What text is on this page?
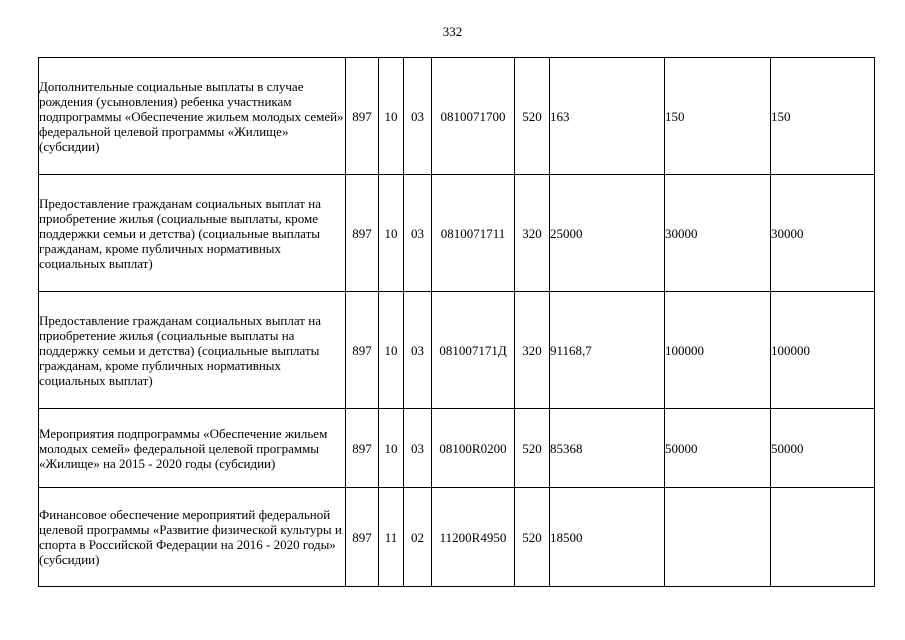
332
Дополнительные социальные выплаты в случае рождения (усыновления) ребенка участникам подпрограммы «Обеспечение жильем молодых семей» федеральной целевой программы «Жилище» (субсидии)	897	10	03	0810071700	520	163	150	150

Предоставление гражданам социальных выплат на приобретение жилья (социальные выплаты, кроме поддержки семьи и детства) (социальные выплаты гражданам, кроме публичных нормативных социальных выплат)	897	10	03	0810071711	320	25000	30000	30000

Предоставление гражданам социальных выплат на приобретение жилья (социальные выплаты на поддержку семьи и детства) (социальные выплаты гражданам, кроме публичных нормативных социальных выплат)	897	10	03	081007171Д	320	91168,7	100000	100000

Мероприятия подпрограммы «Обеспечение жильем молодых семей» федеральной целевой программы «Жилище» на 2015 - 2020 годы (субсидии)	897	10	03	08100R0200	520	85368	50000	50000

Финансовое обеспечение мероприятий федеральной целевой программы «Развитие физической культуры и спорта в Российской Федерации на 2016 - 2020 годы» (субсидии)	897	11	02	11200R4950	520	18500		
